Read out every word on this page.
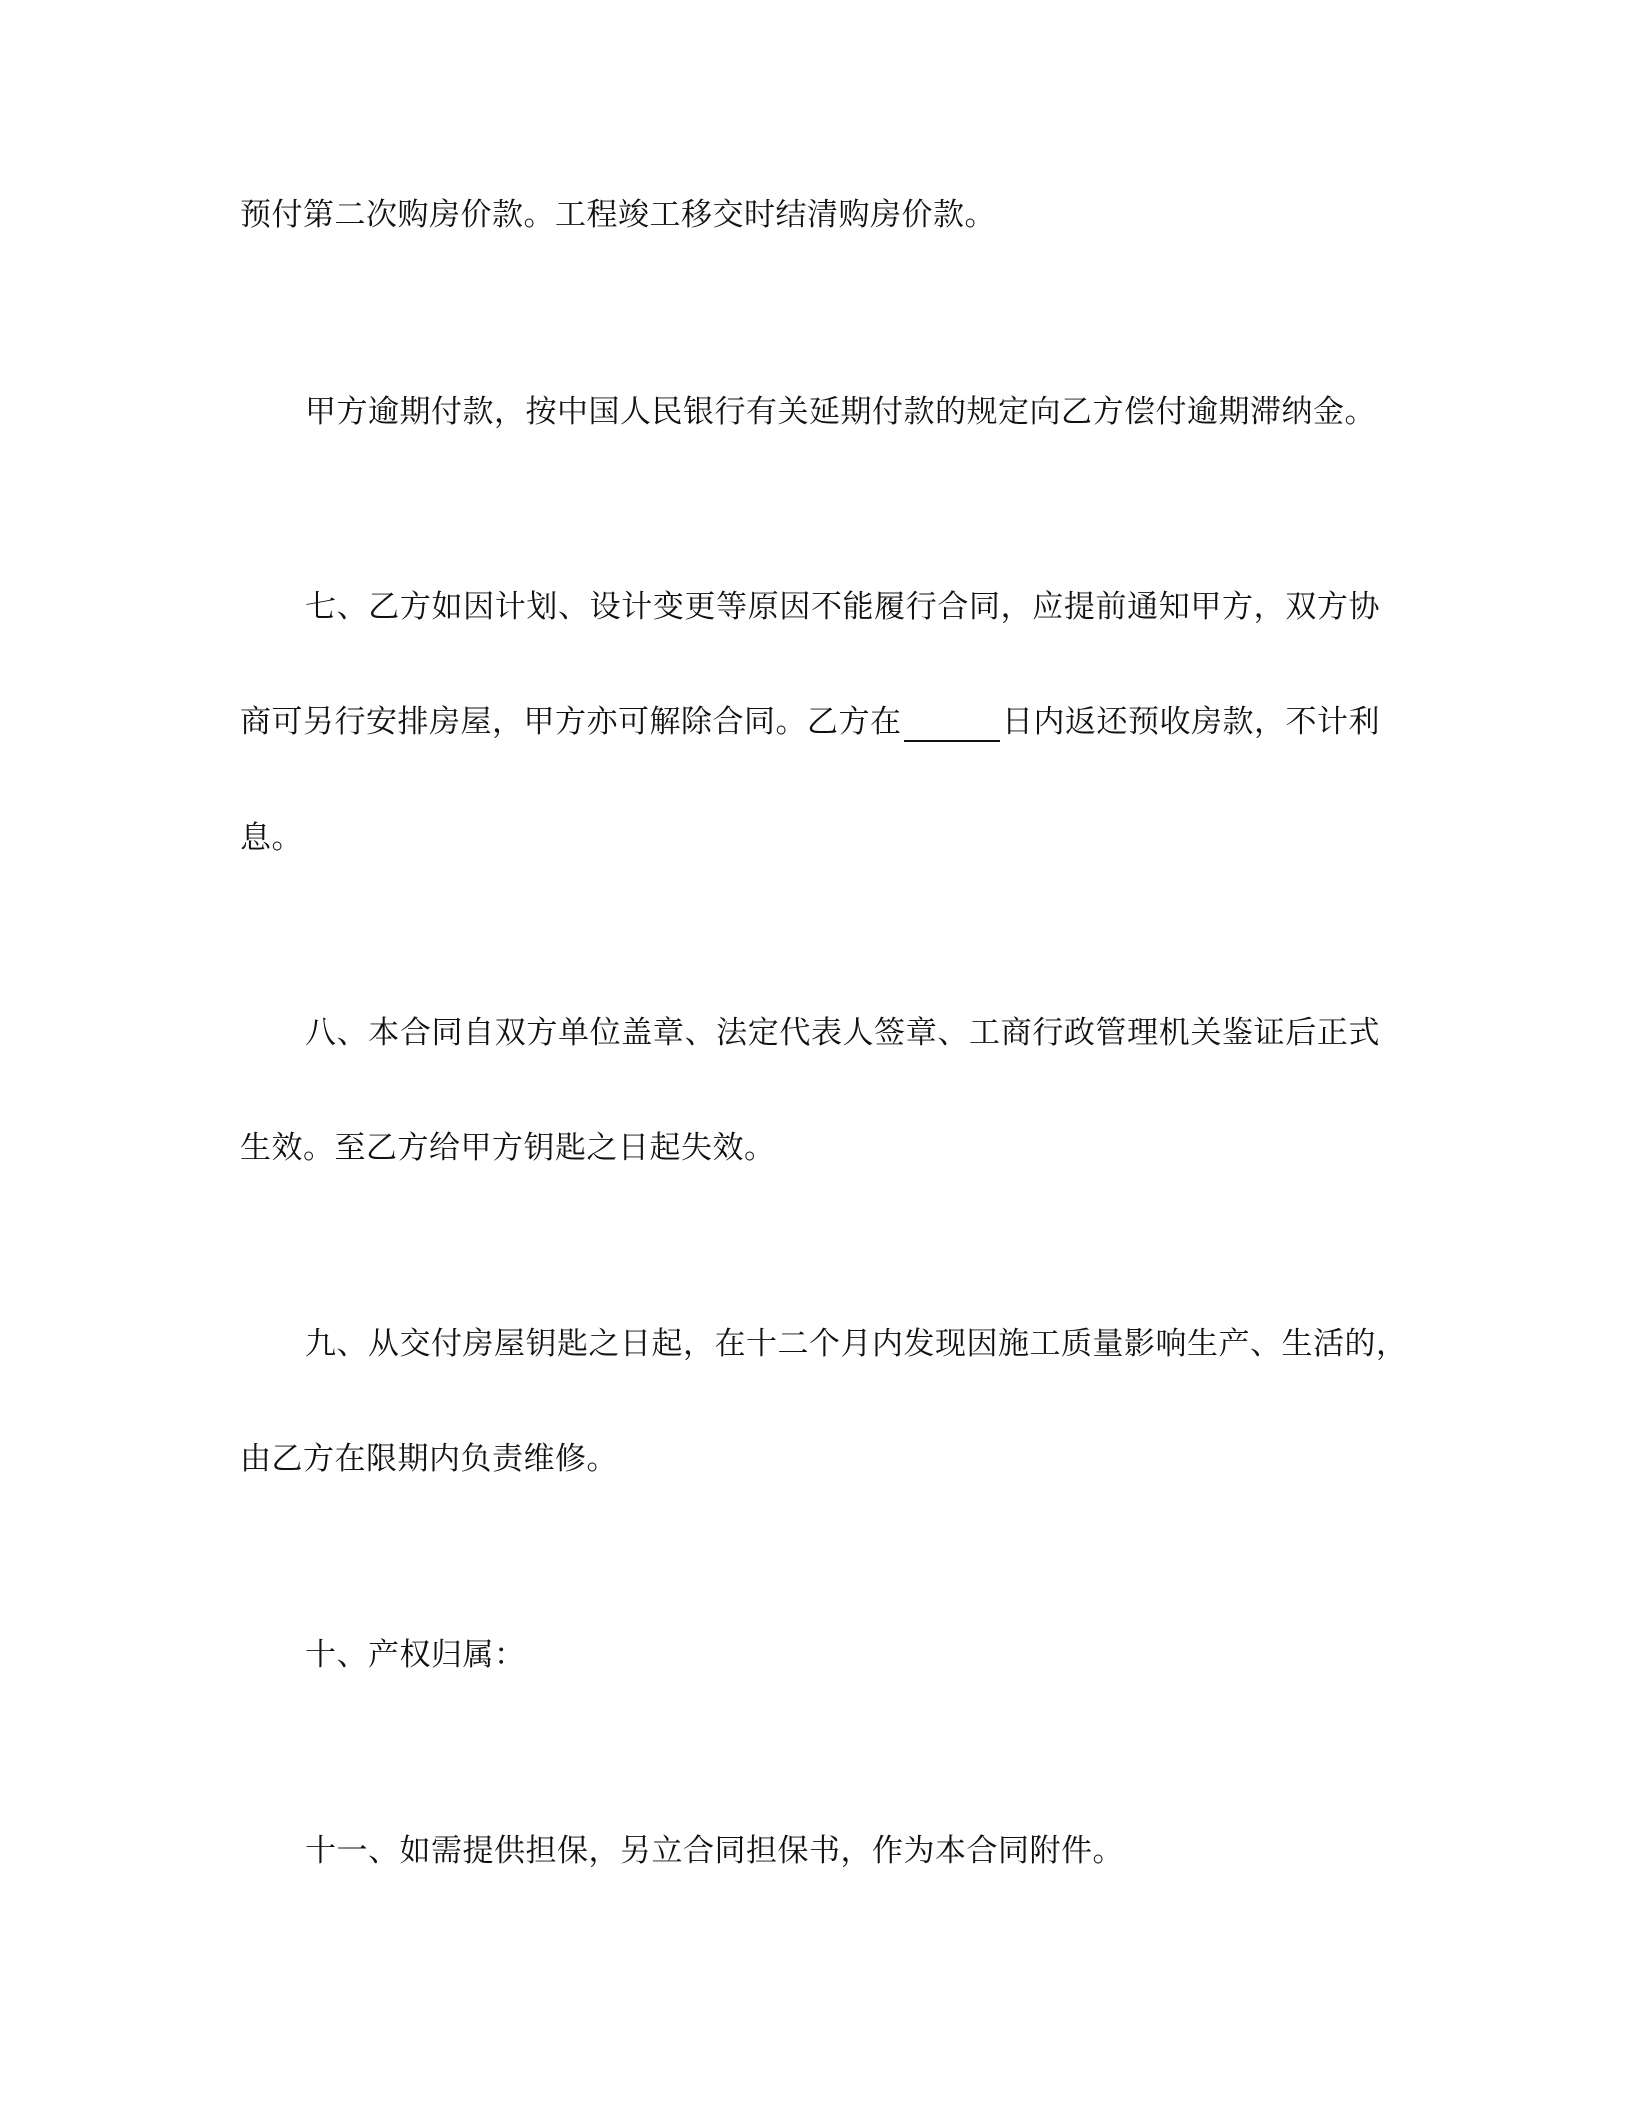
预付第二次购房价款。工程竣工移交时结清购房价款。
甲方逾期付款，按中国人民银行有关延期付款的规定向乙方偿付逾期滞纳金。
七、乙方如因计划、设计变更等原因不能履行合同，应提前通知甲方，双方协
商可另行安排房屋，甲方亦可解除合同。乙方在	日内返还预收房款，不计利
息。
八、本合同自双方单位盖章、法定代表人签章、工商行政管理机关鉴证后正式
生效。至乙方给甲方钥匙之日起失效。
九、从交付房屋钥匙之日起，在十二个月内发现因施工质量影响生产、生活的，
由乙方在限期内负责维修。
十、产权归属：
十一、如需提供担保，另立合同担保书，作为本合同附件。
